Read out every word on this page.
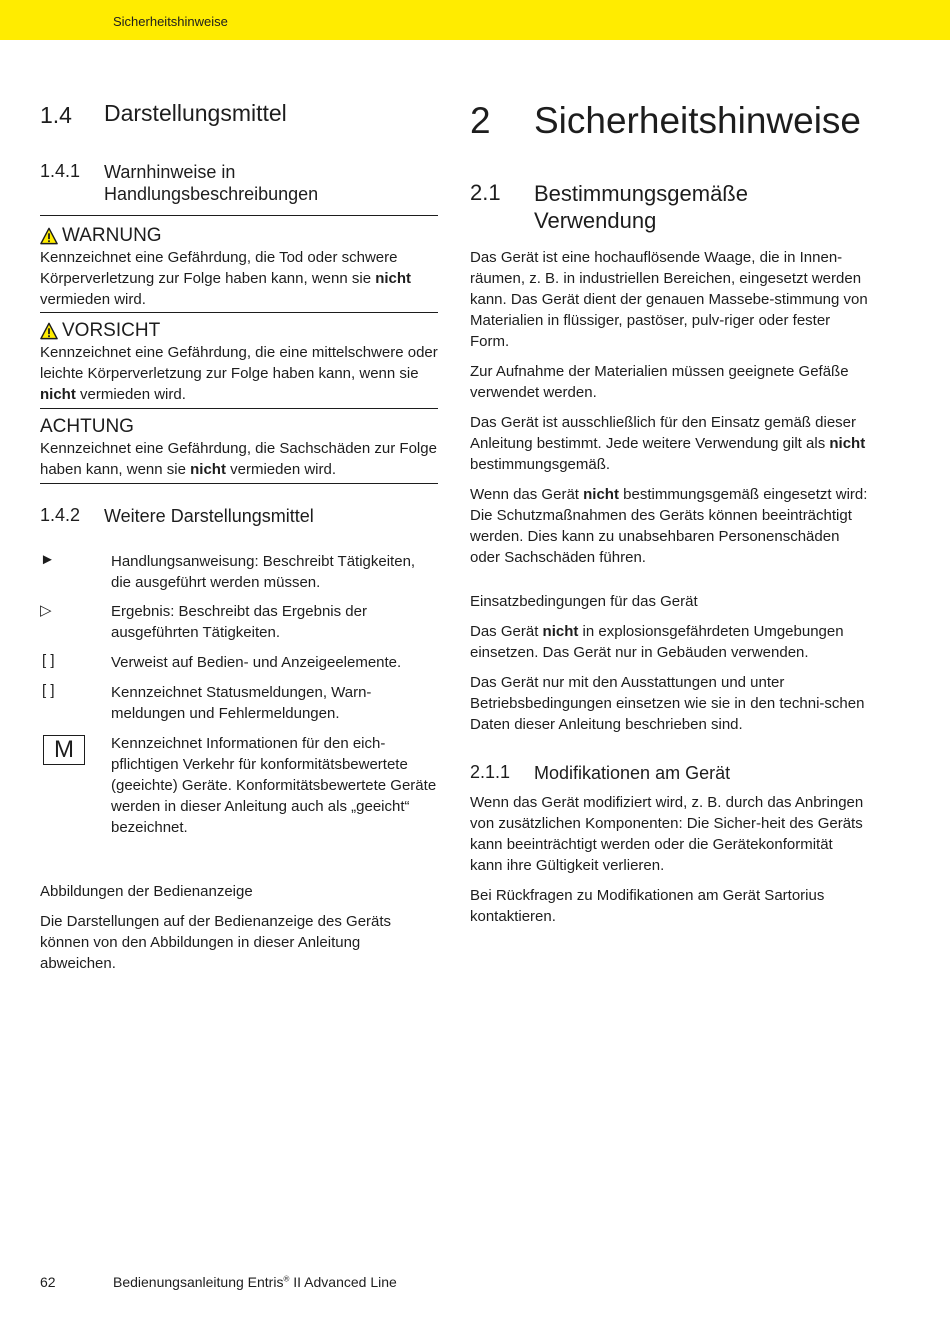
Sicherheitshinweise
1.4 Darstellungsmittel
1.4.1 Warnhinweise in
Handlungsbeschreibungen
WARNUNG

Kennzeichnet eine Gefährdung, die Tod oder schwere Körperverletzung zur Folge haben kann, wenn sie nicht vermieden wird.

VORSICHT

Kennzeichnet eine Gefährdung, die eine mittelschwere oder leichte Körperverletzung zur Folge haben kann, wenn sie nicht vermieden wird.

ACHTUNG

Kennzeichnet eine Gefährdung, die Sachschäden zur Folge haben kann, wenn sie nicht vermieden wird.

1.4.2 Weitere Darstellungsmittel
►	Handlungsanweisung: Beschreibt Tätigkeiten, die ausgeführt werden müssen.

▷	Ergebnis: Beschreibt das Ergebnis der ausgeführten Tätigkeiten.

[ ]	Verweist auf Bedien- und Anzeigeelemente.

[ ]	Kennzeichnet Statusmeldungen, Warn-meldungen und Fehlermeldungen.

M	Kennzeichnet Informationen für den eich-pflichtigen Verkehr für konformitätsbewertete (geeichte) Geräte. Konformitätsbewertete Geräte werden in dieser Anleitung auch als „geeicht“ bezeichnet.

Abbildungen der Bedienanzeige

Die Darstellungen auf der Bedienanzeige des Geräts können von den Abbildungen in dieser Anleitung abweichen.

2 Sicherheitshinweise
2.1 Bestimmungsgemäße
Verwendung

Das Gerät ist eine hochauflösende Waage, die in Innen-räumen, z. B. in industriellen Bereichen, eingesetzt werden kann. Das Gerät dient der genauen Massebe-stimmung von Materialien in flüssiger, pastöser, pulv-riger oder fester Form.

Zur Aufnahme der Materialien müssen geeignete Gefäße verwendet werden.

Das Gerät ist ausschließlich für den Einsatz gemäß dieser Anleitung bestimmt. Jede weitere Verwendung gilt als nicht bestimmungsgemäß.

Wenn das Gerät nicht bestimmungsgemäß eingesetzt wird: Die Schutzmaßnahmen des Geräts können beeinträchtigt werden. Dies kann zu unabsehbaren Personenschäden oder Sachschäden führen.

Einsatzbedingungen für das Gerät

Das Gerät nicht in explosionsgefährdeten Umgebungen einsetzen. Das Gerät nur in Gebäuden verwenden.

Das Gerät nur mit den Ausstattungen und unter Betriebsbedingungen einsetzen wie sie in den techni-schen Daten dieser Anleitung beschrieben sind.

2.1.1 Modifikationen am Gerät

Wenn das Gerät modifiziert wird, z. B. durch das Anbringen von zusätzlichen Komponenten: Die Sicher-heit des Geräts kann beeinträchtigt werden oder die Gerätekonformität kann ihre Gültigkeit verlieren.

Bei Rückfragen zu Modifikationen am Gerät Sartorius kontaktieren.

62	Bedienungsanleitung Entris® II Advanced Line
